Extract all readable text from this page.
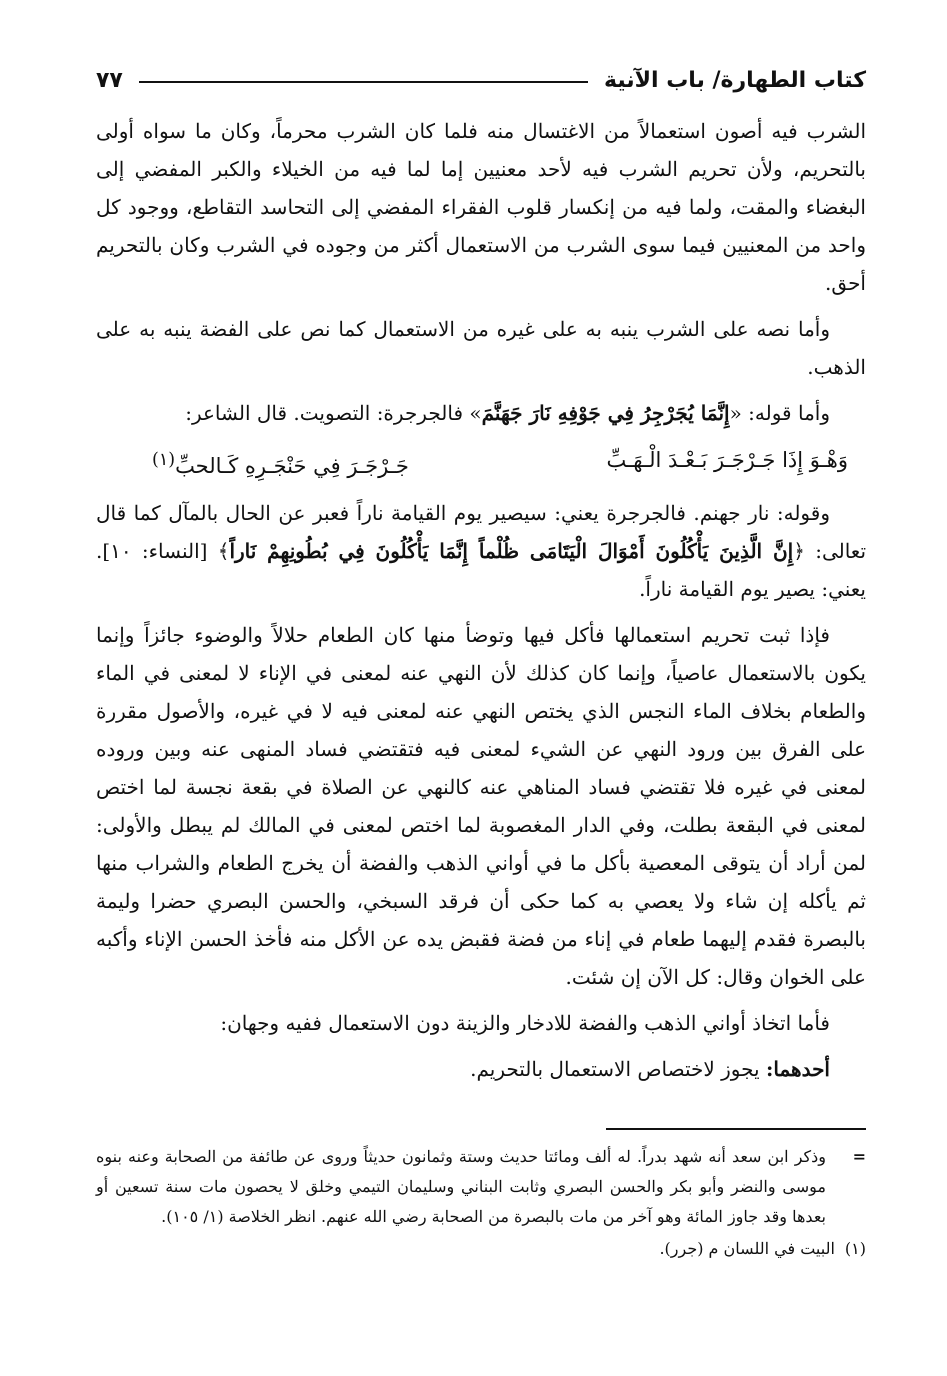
كتاب الطهارة/ باب الآنية
٧٧

الشرب فيه أصون استعمالاً من الاغتسال منه فلما كان الشرب محرماً، وكان ما سواه أولى بالتحريم، ولأن تحريم الشرب فيه لأحد معنيين إما لما فيه من الخيلاء والكبر المفضي إلى البغضاء والمقت، ولما فيه من إنكسار قلوب الفقراء المفضي إلى التحاسد التقاطع، ووجود كل واحد من المعنيين فيما سوى الشرب من الاستعمال أكثر من وجوده في الشرب وكان بالتحريم أحق.

وأما نصه على الشرب ينبه به على غيره من الاستعمال كما نص على الفضة ينبه به على الذهب.

وأما قوله: «إِنَّمَا يُجَرْجِرُ فِي جَوْفِهِ نَارَ جَهَنَّمَ» فالجرجرة: التصويت. قال الشاعر:

وَهْـوَ إِذَا جَـرْجَـرَ بَـعْـدَ الْـهَـبِّ
جَـرْجَـرَ فِي حَنْجَـرِهِ كَـالحبِّ$^{(١)}$

وقوله: نار جهنم. فالجرجرة يعني: سيصير يوم القيامة ناراً فعبر عن الحال بالمآل كما قال تعالى: ﴿إِنَّ الَّذِينَ يَأْكُلُونَ أَمْوَالَ الْيَتَامَى ظُلْماً إِنَّمَا يَأْكُلُونَ فِي بُطُونِهِمْ نَاراً﴾ [النساء: ١٠]. يعني: يصير يوم القيامة ناراً.

فإذا ثبت تحريم استعمالها فأكل فيها وتوضأ منها كان الطعام حلالاً والوضوء جائزاً وإنما يكون بالاستعمال عاصياً، وإنما كان كذلك لأن النهي عنه لمعنى في الإناء لا لمعنى في الماء والطعام بخلاف الماء النجس الذي يختص النهي عنه لمعنى فيه لا في غيره، والأصول مقررة على الفرق بين ورود النهي عن الشيء لمعنى فيه فتقتضي فساد المنهى عنه وبين وروده لمعنى في غيره فلا تقتضي فساد المناهي عنه كالنهي عن الصلاة في بقعة نجسة لما اختص لمعنى في البقعة بطلت، وفي الدار المغصوبة لما اختص لمعنى في المالك لم يبطل والأولى: لمن أراد أن يتوقى المعصية بأكل ما في أواني الذهب والفضة أن يخرج الطعام والشراب منها ثم يأكله إن شاء ولا يعصي به كما حكى أن فرقد السبخي، والحسن البصري حضرا وليمة بالبصرة فقدم إليهما طعام في إناء من فضة فقبض يده عن الأكل منه فأخذ الحسن الإناء وأكبه على الخوان وقال: كل الآن إن شئت.

فأما اتخاذ أواني الذهب والفضة للادخار والزينة دون الاستعمال ففيه وجهان:

أحدهما: يجوز لاختصاص الاستعمال بالتحريم.

=
وذكر ابن سعد أنه شهد بدراً. له ألف ومائتا حديث وستة وثمانون حديثاً وروى عن طائفة من الصحابة وعنه بنوه موسى والنضر وأبو بكر والحسن البصري وثابت البناني وسليمان التيمي وخلق لا يحصون مات سنة تسعين أو بعدها وقد جاوز المائة وهو آخر من مات بالبصرة من الصحابة رضي الله عنهم. انظر الخلاصة (١/ ١٠٥).

(١)البيت في اللسان م (جرر).
